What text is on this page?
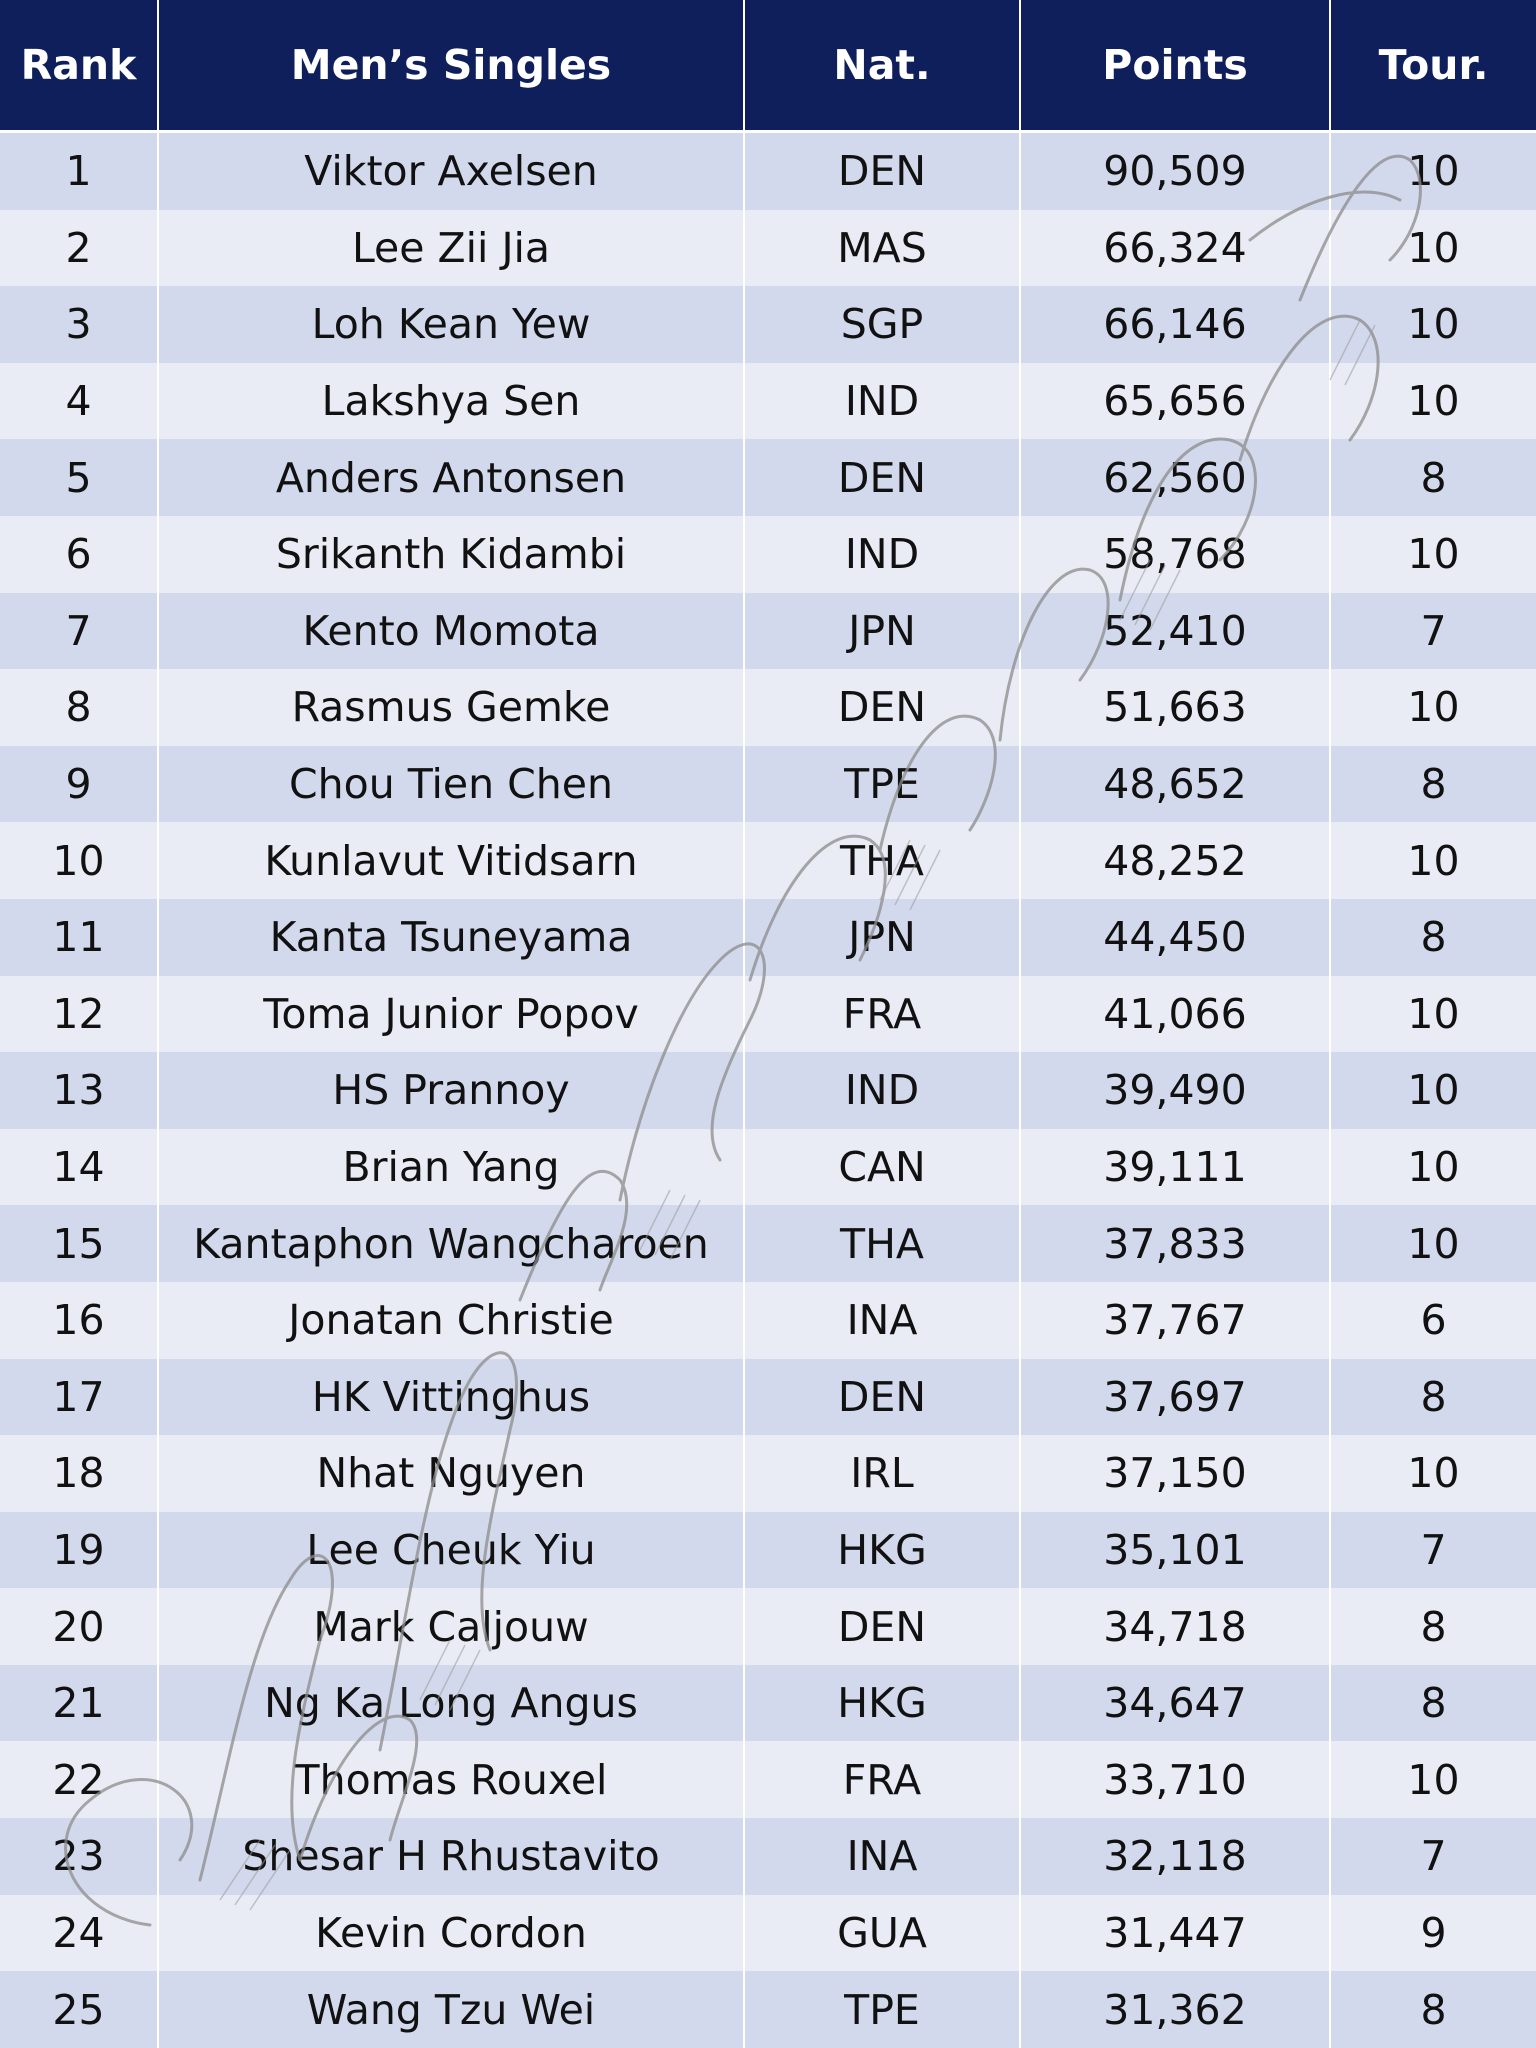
Rank	Men’s Singles	Nat.	Points	Tour.
1	Viktor Axelsen	DEN	90,509	10
2	Lee Zii Jia	MAS	66,324	10
3	Loh Kean Yew	SGP	66,146	10
4	Lakshya Sen	IND	65,656	10
5	Anders Antonsen	DEN	62,560	8
6	Srikanth Kidambi	IND	58,768	10
7	Kento Momota	JPN	52,410	7
8	Rasmus Gemke	DEN	51,663	10
9	Chou Tien Chen	TPE	48,652	8
10	Kunlavut Vitidsarn	THA	48,252	10
11	Kanta Tsuneyama	JPN	44,450	8
12	Toma Junior Popov	FRA	41,066	10
13	HS Prannoy	IND	39,490	10
14	Brian Yang	CAN	39,111	10
15	Kantaphon Wangcharoen	THA	37,833	10
16	Jonatan Christie	INA	37,767	6
17	HK Vittinghus	DEN	37,697	8
18	Nhat Nguyen	IRL	37,150	10
19	Lee Cheuk Yiu	HKG	35,101	7
20	Mark Caljouw	DEN	34,718	8
21	Ng Ka Long Angus	HKG	34,647	8
22	Thomas Rouxel	FRA	33,710	10
23	Shesar H Rhustavito	INA	32,118	7
24	Kevin Cordon	GUA	31,447	9
25	Wang Tzu Wei	TPE	31,362	8
